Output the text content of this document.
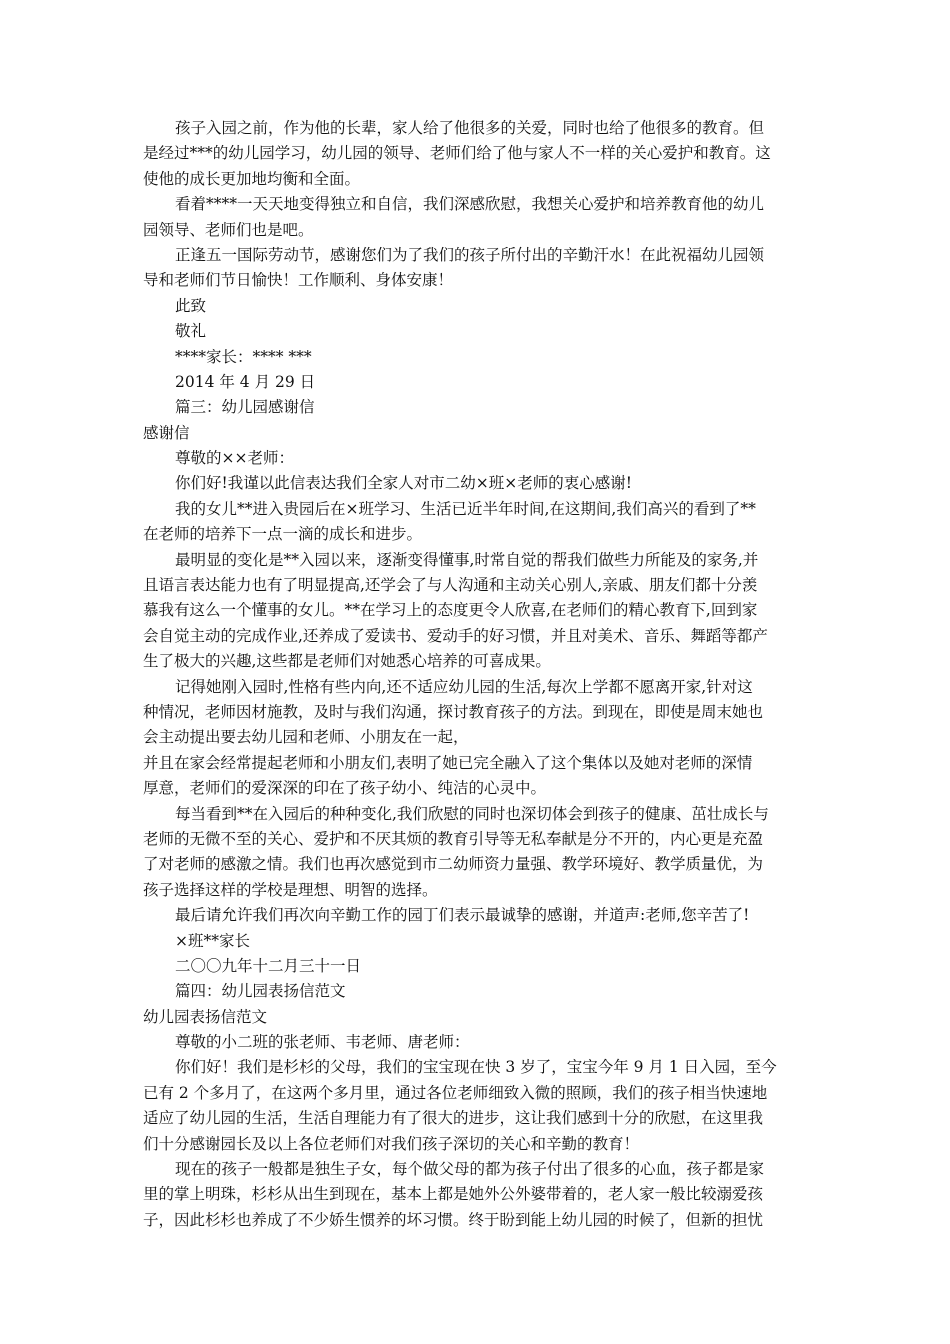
孩子入园之前，作为他的长辈，家人给了他很多的关爱，同时也给了他很多的教育。但
是经过***的幼儿园学习，幼儿园的领导、老师们给了他与家人不一样的关心爱护和教育。这
使他的成长更加地均衡和全面。
看着****一天天地变得独立和自信，我们深感欣慰，我想关心爱护和培养教育他的幼儿
园领导、老师们也是吧。
正逢五一国际劳动节，感谢您们为了我们的孩子所付出的辛勤汗水！在此祝福幼儿园领
导和老师们节日愉快！工作顺利、身体安康！
此致
敬礼
****家长：**** ***
2014 年 4 月 29 日
篇三：幼儿园感谢信
感谢信
尊敬的××老师：
你们好!我谨以此信表达我们全家人对市二幼×班×老师的衷心感谢!
我的女儿**进入贵园后在×班学习、生活已近半年时间,在这期间,我们高兴的看到了**
在老师的培养下一点一滴的成长和进步。
最明显的变化是**入园以来，逐渐变得懂事,时常自觉的帮我们做些力所能及的家务,并
且语言表达能力也有了明显提高,还学会了与人沟通和主动关心别人,亲戚、朋友们都十分羡
慕我有这么一个懂事的女儿。**在学习上的态度更令人欣喜,在老师们的精心教育下,回到家
会自觉主动的完成作业,还养成了爱读书、爱动手的好习惯，并且对美术、音乐、舞蹈等都产
生了极大的兴趣,这些都是老师们对她悉心培养的可喜成果。
记得她刚入园时,性格有些内向,还不适应幼儿园的生活,每次上学都不愿离开家,针对这
种情况，老师因材施教，及时与我们沟通，探讨教育孩子的方法。到现在，即使是周末她也
会主动提出要去幼儿园和老师、小朋友在一起，
并且在家会经常提起老师和小朋友们,表明了她已完全融入了这个集体以及她对老师的深情
厚意，老师们的爱深深的印在了孩子幼小、纯洁的心灵中。
每当看到**在入园后的种种变化,我们欣慰的同时也深切体会到孩子的健康、茁壮成长与
老师的无微不至的关心、爱护和不厌其烦的教育引导等无私奉献是分不开的，内心更是充盈
了对老师的感激之情。我们也再次感觉到市二幼师资力量强、教学环境好、教学质量优，为
孩子选择这样的学校是理想、明智的选择。
最后请允许我们再次向辛勤工作的园丁们表示最诚挚的感谢，并道声:老师,您辛苦了!
×班**家长
二〇〇九年十二月三十一日
篇四：幼儿园表扬信范文
幼儿园表扬信范文
尊敬的小二班的张老师、韦老师、唐老师：
你们好！我们是杉杉的父母，我们的宝宝现在快 3 岁了，宝宝今年 9 月 1 日入园，至今
已有 2 个多月了，在这两个多月里，通过各位老师细致入微的照顾，我们的孩子相当快速地
适应了幼儿园的生活，生活自理能力有了很大的进步，这让我们感到十分的欣慰，在这里我
们十分感谢园长及以上各位老师们对我们孩子深切的关心和辛勤的教育！
现在的孩子一般都是独生子女，每个做父母的都为孩子付出了很多的心血，孩子都是家
里的掌上明珠，杉杉从出生到现在，基本上都是她外公外婆带着的，老人家一般比较溺爱孩
子，因此杉杉也养成了不少娇生惯养的坏习惯。终于盼到能上幼儿园的时候了，但新的担忧
